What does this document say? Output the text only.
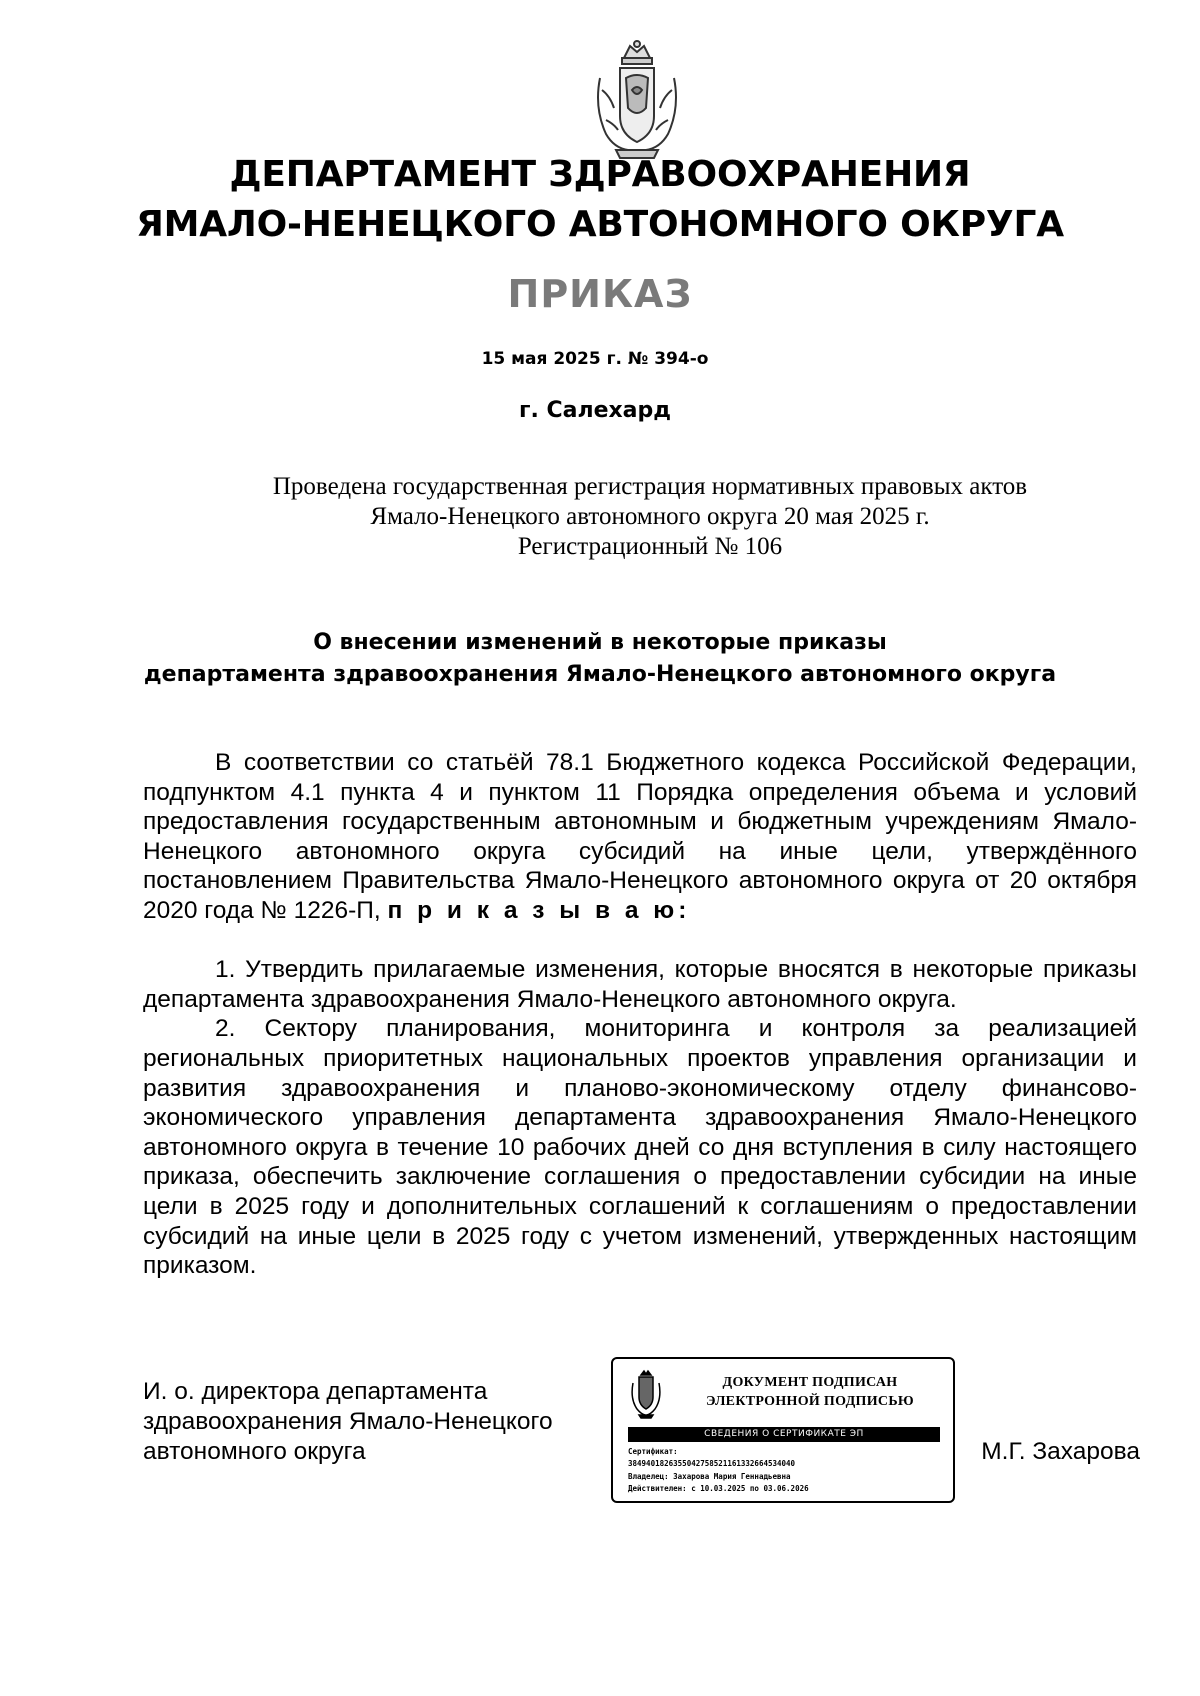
ДЕПАРТАМЕНТ ЗДРАВООХРАНЕНИЯ
ЯМАЛО-НЕНЕЦКОГО АВТОНОМНОГО ОКРУГА
ПРИКАЗ
15 мая 2025 г. № 394-о
г. Салехард
Проведена государственная регистрация нормативных правовых актов
Ямало-Ненецкого автономного округа 20 мая 2025 г.
Регистрационный № 106
О внесении изменений в некоторые приказы
департамента здравоохранения Ямало-Ненецкого автономного округа

В соответствии со статьёй 78.1 Бюджетного кодекса Российской Федерации, подпунктом 4.1 пункта 4 и пунктом 11 Порядка определения объема и условий предоставления государственным автономным и бюджетным учреждениям Ямало-Ненецкого автономного округа субсидий на иные цели, утверждённого постановлением Правительства Ямало-Ненецкого автономного округа от 20 октября 2020 года № 1226-П, п р и к а з ы в а ю:

1. Утвердить прилагаемые изменения, которые вносятся в некоторые приказы департамента здравоохранения Ямало-Ненецкого автономного округа.

2. Сектору планирования, мониторинга и контроля за реализацией региональных приоритетных национальных проектов управления организации и развития здравоохранения и планово-экономическому отделу финансово-экономического управления департамента здравоохранения Ямало-Ненецкого автономного округа в течение 10 рабочих дней со дня вступления в силу настоящего приказа, обеспечить заключение соглашения о предоставлении субсидии на иные цели в 2025 году и дополнительных соглашений к соглашениям о предоставлении субсидий на иные цели в 2025 году с учетом изменений, утвержденных настоящим приказом.

И. о. директора департамента
здравоохранения Ямало-Ненецкого
автономного округа
ДОКУМЕНТ ПОДПИСАН
ЭЛЕКТРОННОЙ ПОДПИСЬЮ
СВЕДЕНИЯ О СЕРТИФИКАТЕ ЭП
Сертификат:
3849401826355042758521161332664534040
Владелец: Захарова Мария Геннадьевна
Действителен: с 10.03.2025 по 03.06.2026
М.Г. Захарова
